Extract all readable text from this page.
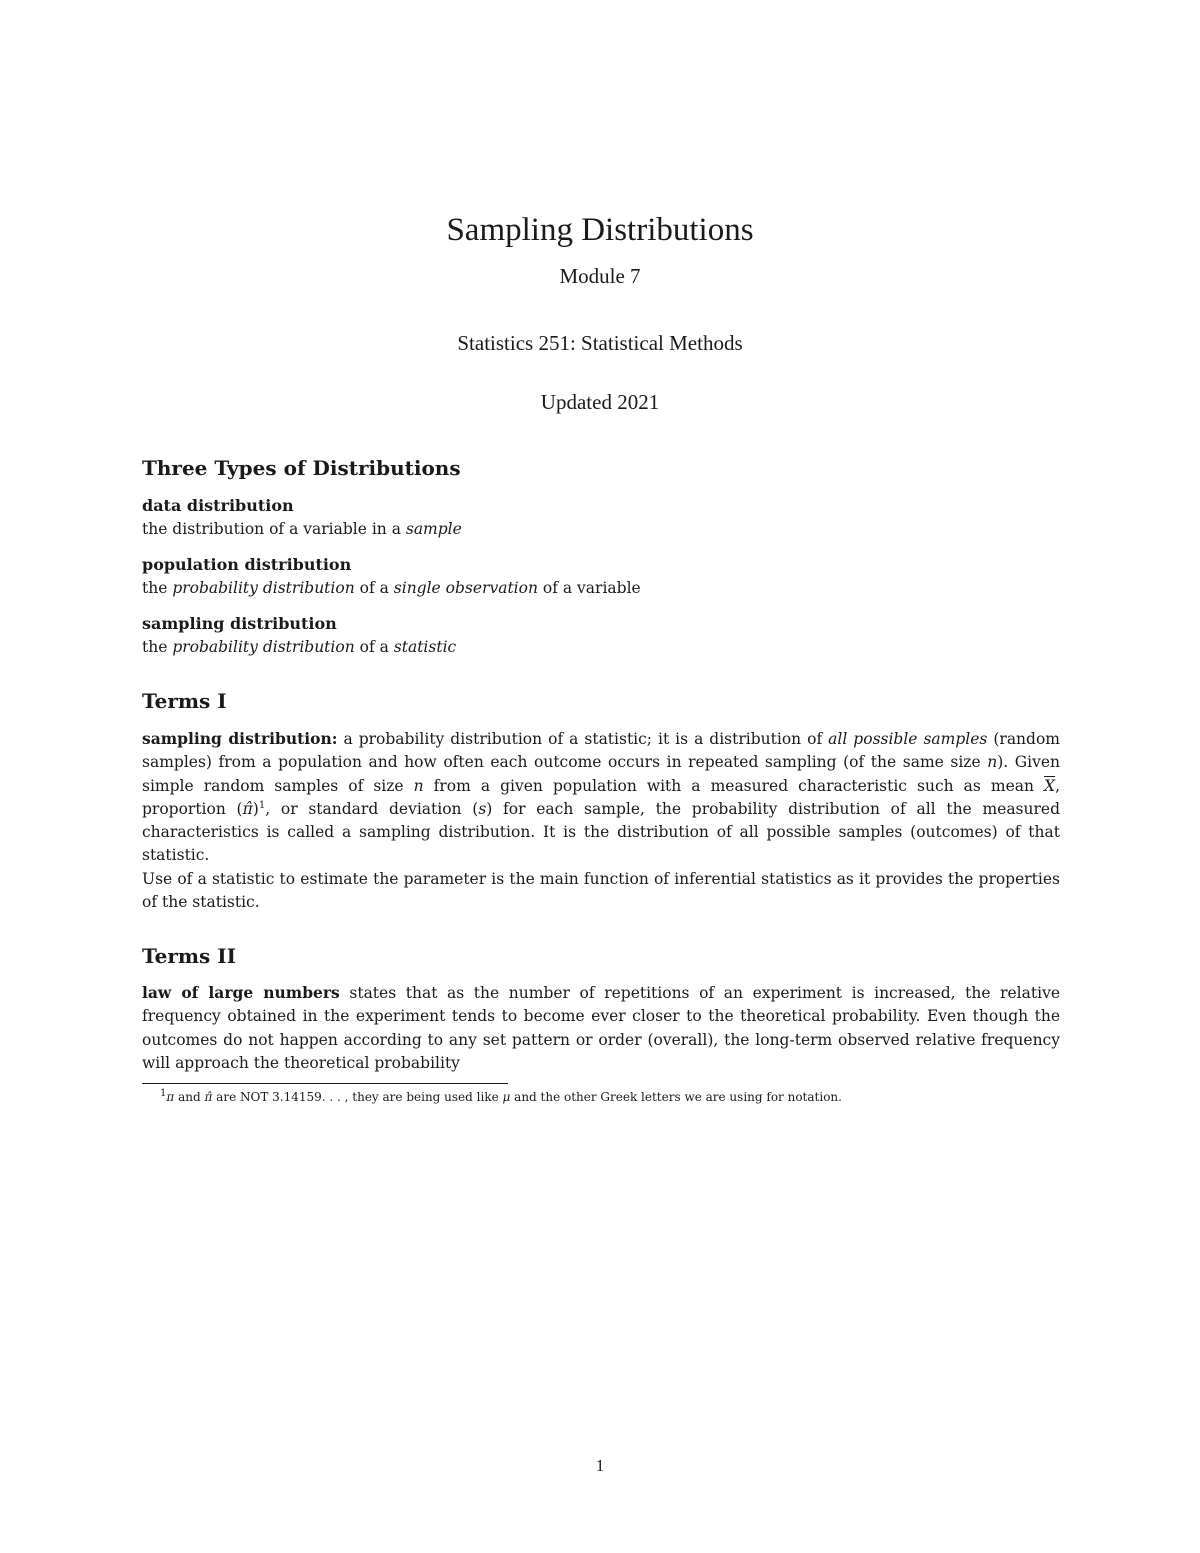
Sampling Distributions
Module 7
Statistics 251: Statistical Methods
Updated 2021
Three Types of Distributions

data distribution

the distribution of a variable in a sample

population distribution

the probability distribution of a single observation of a variable

sampling distribution

the probability distribution of a statistic

Terms I

sampling distribution: a probability distribution of a statistic; it is a distribution of all possible samples (random samples) from a population and how often each outcome occurs in repeated sampling (of the same size n). Given simple random samples of size n from a given population with a measured characteristic such as mean $\overline{X}$, proportion (π̂)$^1$, or standard deviation (s) for each sample, the probability distribution of all the measured characteristics is called a sampling distribution. It is the distribution of all possible samples (outcomes) of that statistic.
Use of a statistic to estimate the parameter is the main function of inferential statistics as it provides the properties of the statistic.

Terms II

law of large numbers states that as the number of repetitions of an experiment is increased, the relative frequency obtained in the experiment tends to become ever closer to the theoretical probability. Even though the outcomes do not happen according to any set pattern or order (overall), the long-term observed relative frequency will approach the theoretical probability

$^1$π and π̂ are NOT 3.14159. . . , they are being used like μ and the other Greek letters we are using for notation.

1
